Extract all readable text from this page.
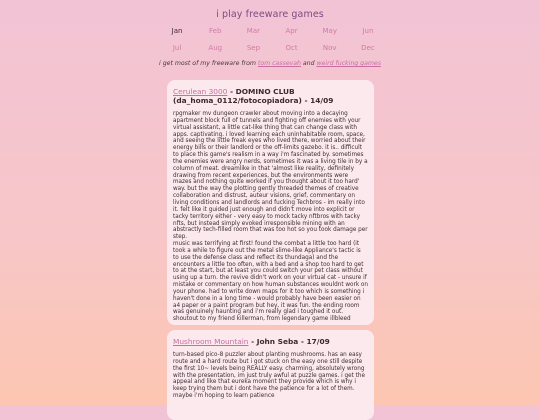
i play freeware games
Jan	Feb	Mar	Apr	May	Jun
Jul	Aug	Sep	Oct	Nov	Dec
i get most of my freeware from tom cassevah and weird fucking games
Cerulean 3000 - DOMINO CLUB (da_homa_0112/fotocopiadora) - 14/09
rpgmaker mv dungeon crawler about moving into a decaying apartment block full of tunnels and fighting off enemies with your virtual assistant, a little cat-like thing that can change class with apps. captivating. i loved learning each uninhabitable room, space, and seeing the little freak eyes who lived there, worried about their energy bills or their landlord or the off-limits gazebo. it is.. difficult to place this game's realism in a way i'm fascinated by. sometimes the enemies were angry nerds, sometimes it was a living tile in by a column of meat. dreamlike in that 'almost like reality, definitely drawing from recent experiences, but the environments were mazes and nothing quite worked if you thought about it too hard' way. but the way the plotting gently threaded themes of creative collaboration and distrust, auteur visions, grief, commentary on living conditions and landlords and fucking Techbros - im really into it. felt like it guided just enough and didn't move into explicit or tacky territory either - very easy to mock tacky nftbros with tacky nfts, but instead simply evoked irresponsible mining with an abstractly tech-filled room that was too hot so you took damage per step.
music was terrifying at first! found the combat a little too hard (it took a while to figure out the metal slime-like Appliance's tactic is to use the defense class and reflect its thundaga) and the encounters a little too often, with a bed and a shop too hard to get to at the start, but at least you could switch your pet class without using up a turn. the revive didn't work on your virtual cat - unsure if mistake or commentary on how human substances wouldnt work on your phone. had to write down maps for it too which is something i haven't done in a long time - would probably have been easier on a4 paper or a paint program but hey, it was fun. the ending room was genuinely haunting and i'm really glad i toughed it out. shoutout to my friend killerman, from legendary game illbleed
Mushroom Mountain - John Seba - 17/09
turn-based pico-8 puzzler about planting mushrooms. has an easy route and a hard route but i got stuck on the easy one still despite the first 10~ levels being REALLY easy. charming, absolutely wrong with the presentation, im just truly awful at puzzle games. i get the appeal and like that eureka moment they provide which is why i keep trying them but i dont have the patience for a lot of them. maybe i'm hoping to learn patience
